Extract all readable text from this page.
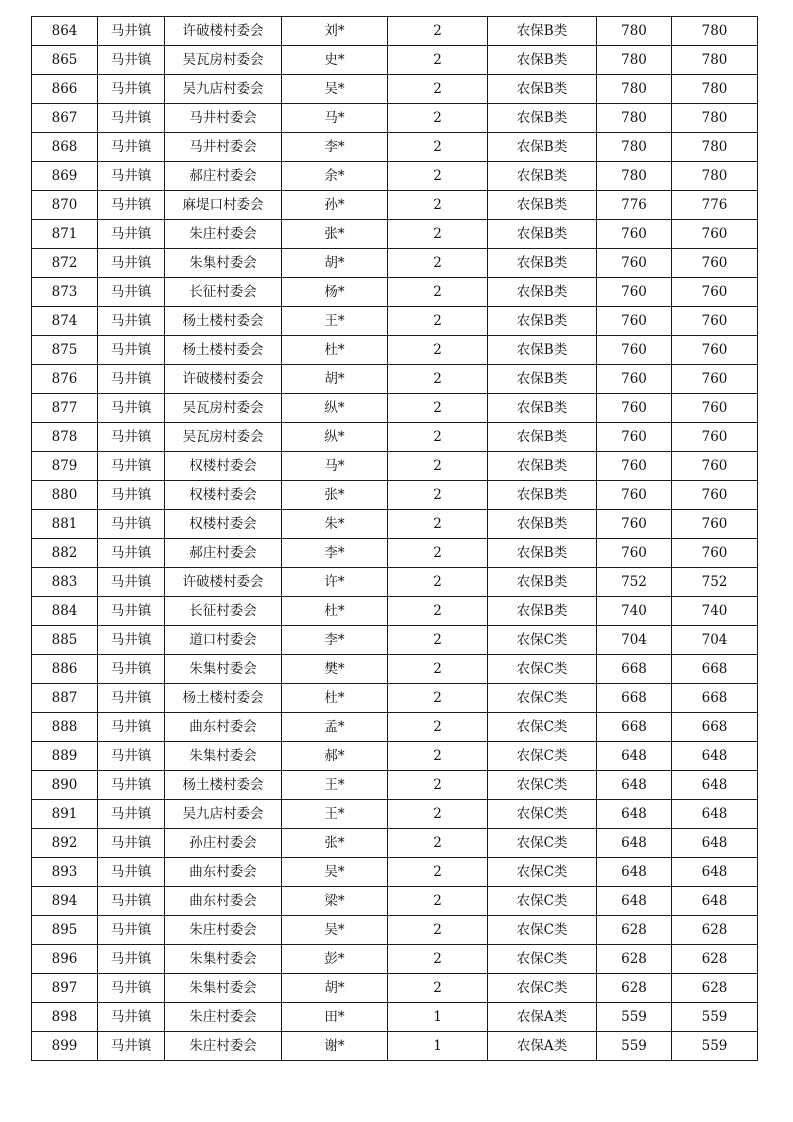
864	马井镇	许破楼村委会	刘*	2	农保B类	780	780
865	马井镇	吴瓦房村委会	史*	2	农保B类	780	780
866	马井镇	吴九店村委会	吴*	2	农保B类	780	780
867	马井镇	马井村委会	马*	2	农保B类	780	780
868	马井镇	马井村委会	李*	2	农保B类	780	780
869	马井镇	郝庄村委会	余*	2	农保B类	780	780
870	马井镇	麻堤口村委会	孙*	2	农保B类	776	776
871	马井镇	朱庄村委会	张*	2	农保B类	760	760
872	马井镇	朱集村委会	胡*	2	农保B类	760	760
873	马井镇	长征村委会	杨*	2	农保B类	760	760
874	马井镇	杨土楼村委会	王*	2	农保B类	760	760
875	马井镇	杨土楼村委会	杜*	2	农保B类	760	760
876	马井镇	许破楼村委会	胡*	2	农保B类	760	760
877	马井镇	吴瓦房村委会	纵*	2	农保B类	760	760
878	马井镇	吴瓦房村委会	纵*	2	农保B类	760	760
879	马井镇	权楼村委会	马*	2	农保B类	760	760
880	马井镇	权楼村委会	张*	2	农保B类	760	760
881	马井镇	权楼村委会	朱*	2	农保B类	760	760
882	马井镇	郝庄村委会	李*	2	农保B类	760	760
883	马井镇	许破楼村委会	许*	2	农保B类	752	752
884	马井镇	长征村委会	杜*	2	农保B类	740	740
885	马井镇	道口村委会	李*	2	农保C类	704	704
886	马井镇	朱集村委会	樊*	2	农保C类	668	668
887	马井镇	杨土楼村委会	杜*	2	农保C类	668	668
888	马井镇	曲东村委会	孟*	2	农保C类	668	668
889	马井镇	朱集村委会	郝*	2	农保C类	648	648
890	马井镇	杨土楼村委会	王*	2	农保C类	648	648
891	马井镇	吴九店村委会	王*	2	农保C类	648	648
892	马井镇	孙庄村委会	张*	2	农保C类	648	648
893	马井镇	曲东村委会	吴*	2	农保C类	648	648
894	马井镇	曲东村委会	梁*	2	农保C类	648	648
895	马井镇	朱庄村委会	吴*	2	农保C类	628	628
896	马井镇	朱集村委会	彭*	2	农保C类	628	628
897	马井镇	朱集村委会	胡*	2	农保C类	628	628
898	马井镇	朱庄村委会	田*	1	农保A类	559	559
899	马井镇	朱庄村委会	谢*	1	农保A类	559	559
